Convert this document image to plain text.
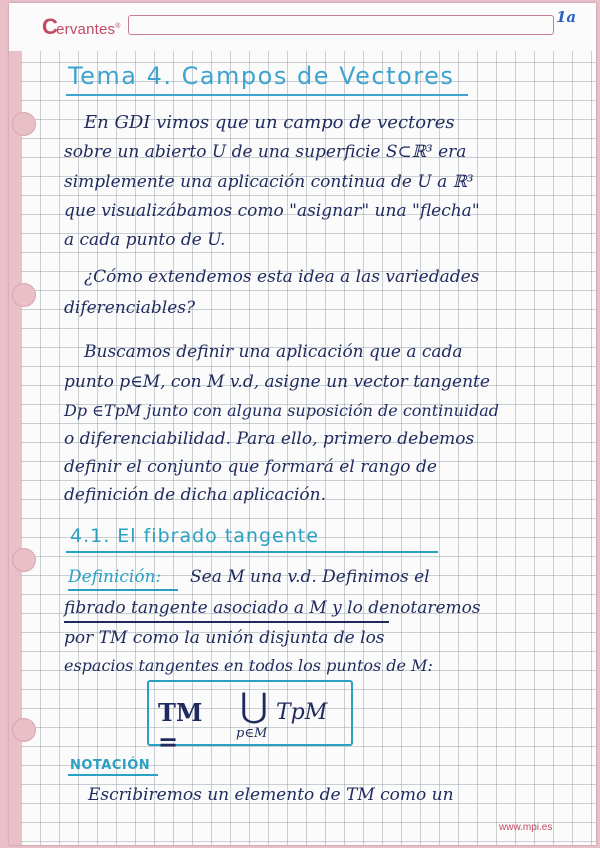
Cervantes®
1a
Tema 4. Campos de Vectores
En GDI vimos que un campo de vectores
sobre un abierto U de una superficie S⊂ℝ³ era
simplemente una aplicación continua de U a ℝ³
que visualizábamos como "asignar" una "flecha"
a cada punto de U.
¿Cómo extendemos esta idea a las variedades
diferenciables?
Buscamos definir una aplicación que a cada
punto p∈M, con M v.d, asigne un vector tangente
Dp ∈TpM junto con alguna suposición de continuidad
o diferenciabilidad. Para ello, primero debemos
definir el conjunto que formará el rango de
definición de dicha aplicación.
4.1. El fibrado tangente
Definición: Sea M una v.d. Definimos el
fibrado tangente asociado a M y lo denotaremos
por TM como la unión disjunta de los
espacios tangentes en todos los puntos de M:
TM =
⋃
p∈M
TpM
NOTACIÓN
Escribiremos un elemento de TM como un
www.mpi.es
